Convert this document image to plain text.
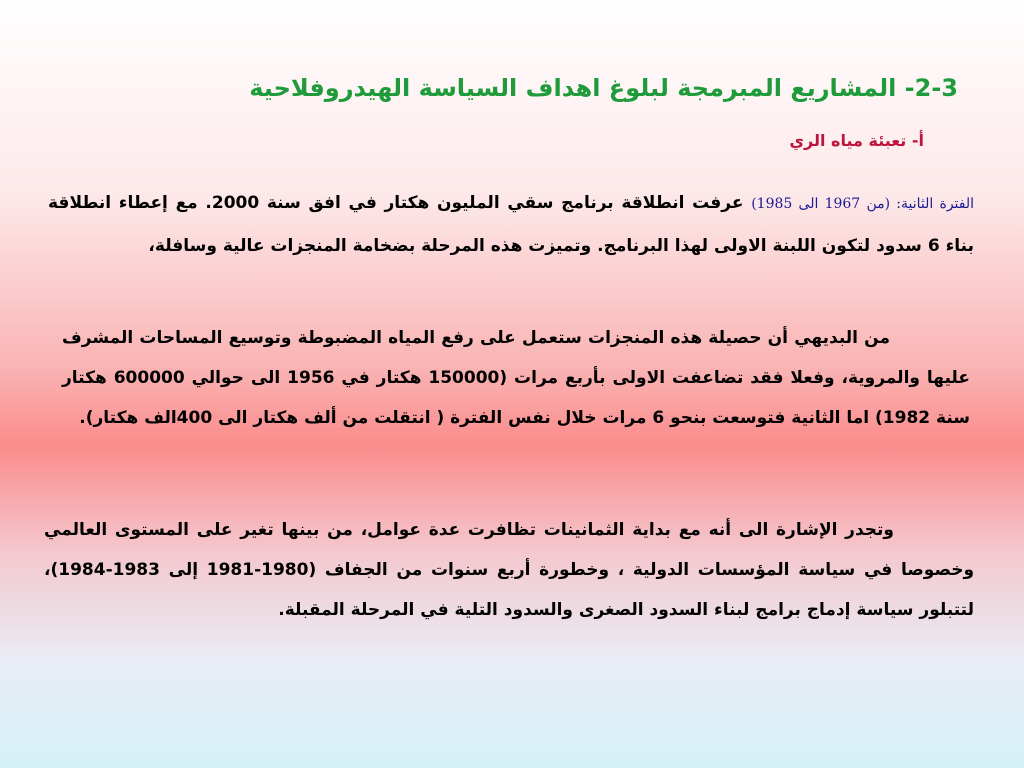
2-3- المشاريع المبرمجة لبلوغ اهداف السياسة الهيدروفلاحية
أ- تعبئة مياه الري

الفترة الثانية: (من 1967 الى 1985) عرفت انطلاقة برنامج سقي المليون هكتار في افق سنة 2000. مع إعطاء انطلاقة بناء 6 سدود لتكون اللبنة الاولى لهذا البرنامج. وتميزت هذه المرحلة بضخامة المنجزات عالية وسافلة،

من البديهي أن حصيلة هذه المنجزات ستعمل على رفع المياه المضبوطة وتوسيع المساحات المشرف عليها والمروية، وفعلا فقد تضاعفت الاولى بأربع مرات (150000 هكتار في 1956 الى حوالي 600000 هكتار سنة 1982) اما الثانية فتوسعت بنحو 6 مرات خلال نفس الفترة ( انتقلت من ألف هكتار الى 400الف هكتار).

وتجدر الإشارة الى أنه مع بداية الثمانينات تظافرت عدة عوامل، من بينها تغير على المستوى العالمي وخصوصا في سياسة المؤسسات الدولية ، وخطورة أربع سنوات من الجفاف (1980-1981 إلى 1983-1984)، لتتبلور سياسة إدماج برامج لبناء السدود الصغرى والسدود التلية في المرحلة المقبلة.
